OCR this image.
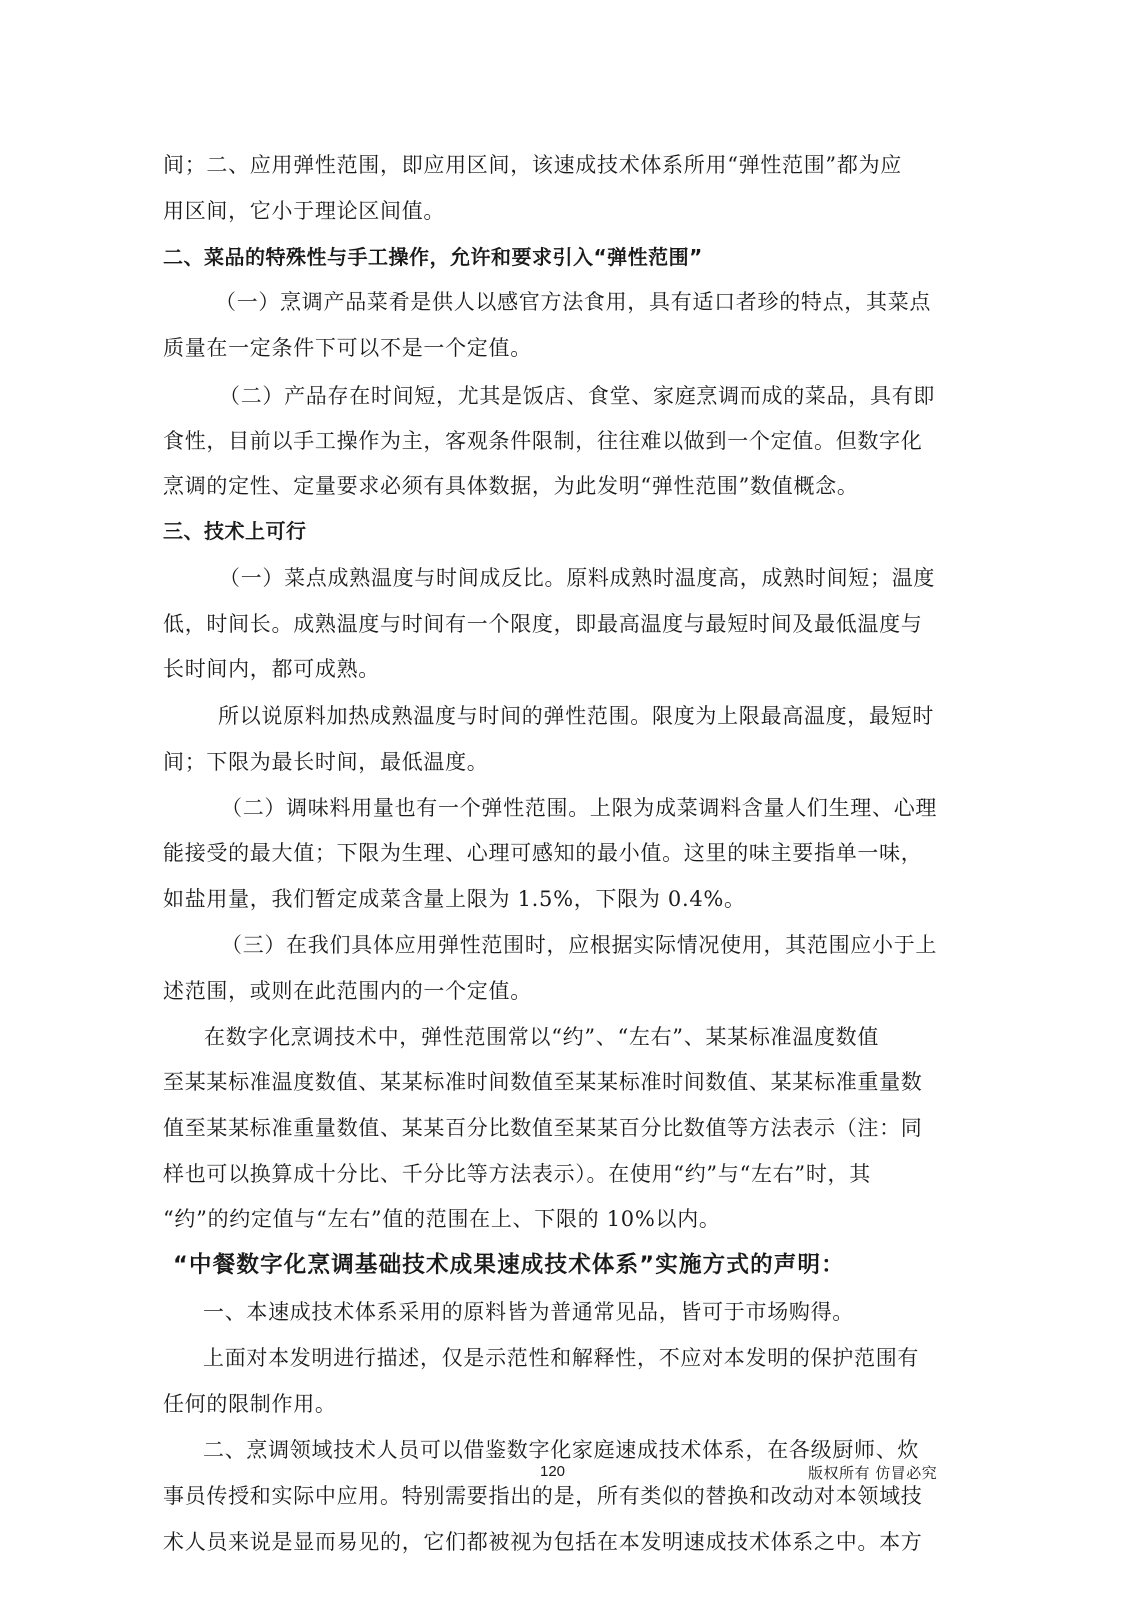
间；二、应用弹性范围，即应用区间，该速成技术体系所用“弹性范围”都为应
用区间，它小于理论区间值。
二、菜品的特殊性与手工操作，允许和要求引入“弹性范围”
（一）烹调产品菜肴是供人以感官方法食用，具有适口者珍的特点，其菜点
质量在一定条件下可以不是一个定值。
（二）产品存在时间短，尤其是饭店、食堂、家庭烹调而成的菜品，具有即
食性，目前以手工操作为主，客观条件限制，往往难以做到一个定值。但数字化
烹调的定性、定量要求必须有具体数据，为此发明“弹性范围”数值概念。
三、技术上可行
（一）菜点成熟温度与时间成反比。原料成熟时温度高，成熟时间短；温度
低，时间长。成熟温度与时间有一个限度，即最高温度与最短时间及最低温度与
长时间内，都可成熟。
所以说原料加热成熟温度与时间的弹性范围。限度为上限最高温度，最短时
间；下限为最长时间，最低温度。
（二）调味料用量也有一个弹性范围。上限为成菜调料含量人们生理、心理
能接受的最大值；下限为生理、心理可感知的最小值。这里的味主要指单一味，
如盐用量，我们暂定成菜含量上限为 1.5%，下限为 0.4%。
（三）在我们具体应用弹性范围时，应根据实际情况使用，其范围应小于上
述范围，或则在此范围内的一个定值。
在数字化烹调技术中，弹性范围常以“约”、“左右”、某某标准温度数值
至某某标准温度数值、某某标准时间数值至某某标准时间数值、某某标准重量数
值至某某标准重量数值、某某百分比数值至某某百分比数值等方法表示（注：同
样也可以换算成十分比、千分比等方法表示）。在使用“约”与“左右”时，其
“约”的约定值与“左右”值的范围在上、下限的 10%以内。
“中餐数字化烹调基础技术成果速成技术体系”实施方式的声明：
一、本速成技术体系采用的原料皆为普通常见品，皆可于市场购得。
上面对本发明进行描述，仅是示范性和解释性，不应对本发明的保护范围有
任何的限制作用。
二、烹调领域技术人员可以借鉴数字化家庭速成技术体系，在各级厨师、炊
事员传授和实际中应用。特别需要指出的是，所有类似的替换和改动对本领域技
术人员来说是显而易见的，它们都被视为包括在本发明速成技术体系之中。本方
120	版权所有 仿冒必究
